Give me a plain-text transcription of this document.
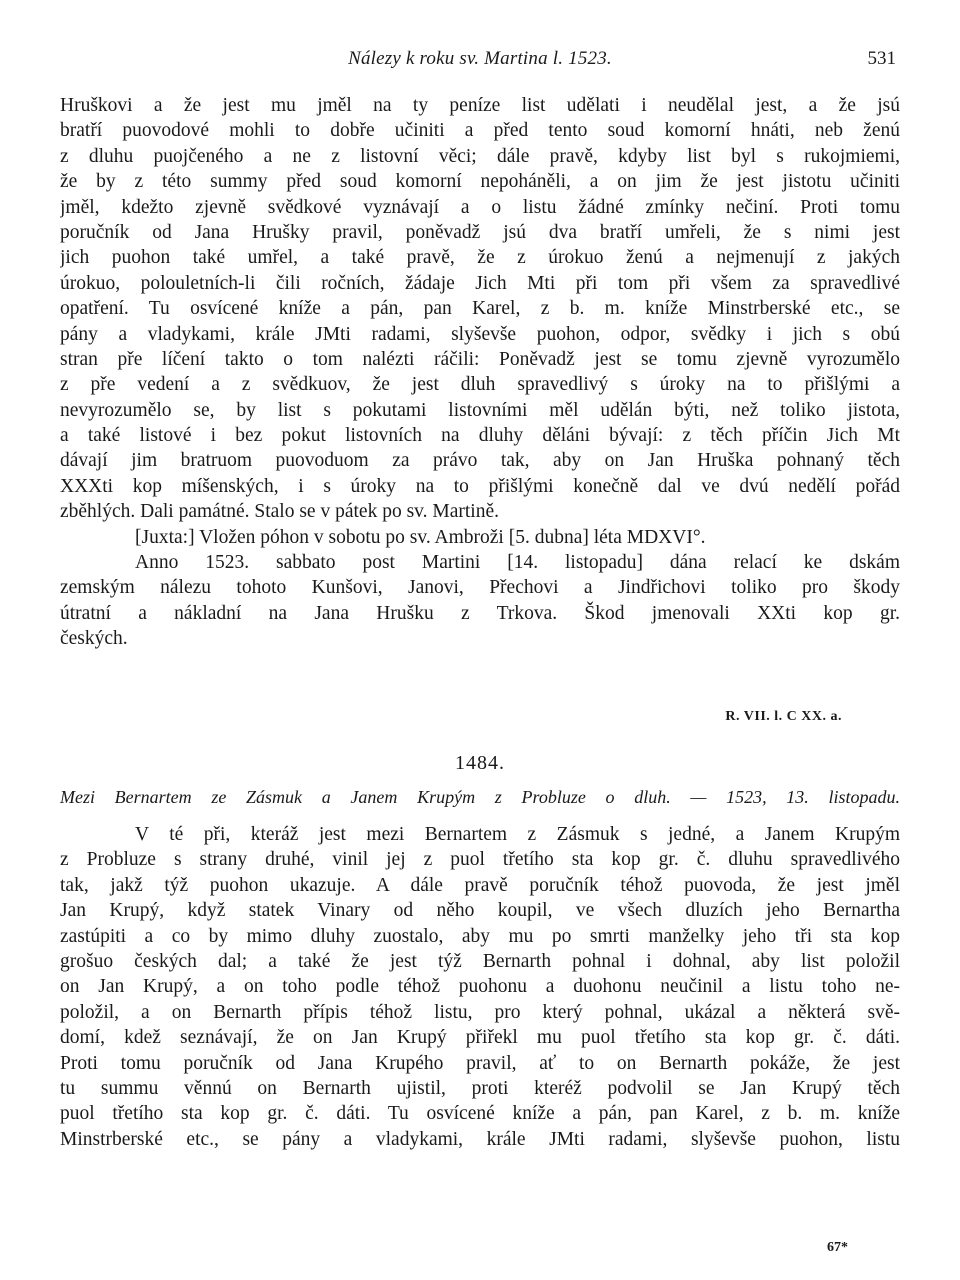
Nálezy k roku sv. Martina l. 1523.	531
Hruškovi a že jest mu jměl na ty peníze list udělati i neudělal jest, a že jsú
bratří puovodové mohli to dobře učiniti a před tento soud komorní hnáti, neb ženú
z dluhu puojčeného a ne z listovní věci; dále pravě, kdyby list byl s rukojmiemi,
že by z této summy před soud komorní nepoháněli, a on jim že jest jistotu učiniti
jměl, kdežto zjevně svědkové vyznávají a o listu žádné zmínky nečiní. Proti tomu
poručník od Jana Hrušky pravil, poněvadž jsú dva bratří umřeli, že s nimi jest
jich puohon také umřel, a také pravě, že z úrokuo ženú a nejmenují z jakých
úrokuo, polouletních-li čili ročních, žádaje Jich Mti při tom při všem za spravedlivé
opatření. Tu osvícené kníže a pán, pan Karel, z b. m. kníže Minstrberské etc., se
pány a vladykami, krále JMti radami, slyševše puohon, odpor, svědky i jich s obú
stran pře líčení takto o tom nalézti ráčili: Poněvadž jest se tomu zjevně vyrozumělo
z pře vedení a z svědkuov, že jest dluh spravedlivý s úroky na to přišlými a
nevyrozumělo se, by list s pokutami listovními měl udělán býti, než toliko jistota,
a také listové i bez pokut listovních na dluhy děláni bývají: z těch příčin Jich Mt
dávají jim bratruom puovoduom za právo tak, aby on Jan Hruška pohnaný těch
XXXti kop míšenských, i s úroky na to přišlými konečně dal ve dvú nedělí pořád
zběhlých. Dali památné. Stalo se v pátek po sv. Martině.
[Juxta:] Vložen póhon v sobotu po sv. Ambroži [5. dubna] léta MDXVI°.
Anno 1523. sabbato post Martini [14. listopadu] dána relací ke dskám
zemským nálezu tohoto Kunšovi, Janovi, Přechovi a Jindřichovi toliko pro škody
útratní a nákladní na Jana Hrušku z Trkova. Škod jmenovali XXti kop gr.
českých.
R. VII. l. C XX. a.
1484.
Mezi Bernartem ze Zásmuk a Janem Krupým z Probluze o dluh. — 1523, 13. listopadu.
V té při, kteráž jest mezi Bernartem z Zásmuk s jedné, a Janem Krupým
z Probluze s strany druhé, vinil jej z puol třetího sta kop gr. č. dluhu spravedlivého
tak, jakž týž puohon ukazuje. A dále pravě poručník téhož puovoda, že jest jměl
Jan Krupý, když statek Vinary od něho koupil, ve všech dluzích jeho Bernartha
zastúpiti a co by mimo dluhy zuostalo, aby mu po smrti manželky jeho tři sta kop
grošuo českých dal; a také že jest týž Bernarth pohnal i dohnal, aby list položil
on Jan Krupý, a on toho podle téhož puohonu a duohonu neučinil a listu toho ne-
položil, a on Bernarth přípis téhož listu, pro který pohnal, ukázal a některá svě-
domí, kdež seznávají, že on Jan Krupý přiřekl mu puol třetího sta kop gr. č. dáti.
Proti tomu poručník od Jana Krupého pravil, ať to on Bernarth pokáže, že jest
tu summu věnnú on Bernarth ujistil, proti kteréž podvolil se Jan Krupý těch
puol třetího sta kop gr. č. dáti. Tu osvícené kníže a pán, pan Karel, z b. m. kníže
Minstrberské etc., se pány a vladykami, krále JMti radami, slyševše puohon, listu
67*
